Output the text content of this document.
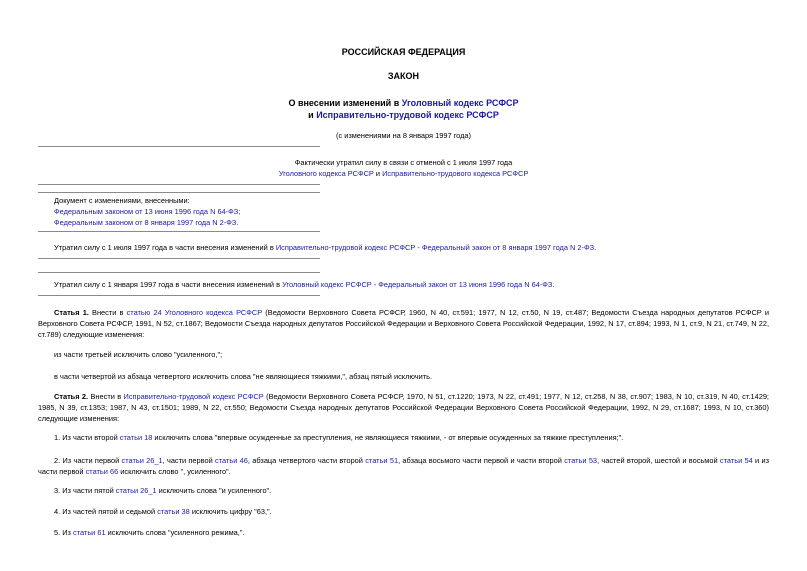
РОССИЙСКАЯ ФЕДЕРАЦИЯ
ЗАКОН
О внесении изменений в Уголовный кодекс РСФСР
и Исправительно-трудовой кодекс РСФСР
(с изменениями на 8 января 1997 года)
Фактически утратил силу в связи с отменой с 1 июля 1997 года
Уголовного кодекса РСФСР и Исправительно-трудового кодекса РСФСР
Документ с изменениями, внесенными:
Федеральным законом от 13 июня 1996 года N 64-ФЗ;
Федеральным законом от 8 января 1997 года N 2-ФЗ.
Утратил силу с 1 июля 1997 года в части внесения изменений в Исправительно-трудовой кодекс РСФСР - Федеральный закон от 8 января 1997 года N 2-ФЗ.
Утратил силу с 1 января 1997 года в части внесения изменений в Уголовный кодекс РСФСР - Федеральный закон от 13 июня 1996 года N 64-ФЗ.
Статья 1. Внести в статью 24 Уголовного кодекса РСФСР (Ведомости Верховного Совета РСФСР, 1960, N 40, ст.591; 1977, N 12, ст.50, N 19, ст.487; Ведомости Съезда народных депутатов РСФСР и Верховного Совета РСФСР, 1991, N 52, ст.1867; Ведомости Съезда народных депутатов Российской Федерации и Верховного Совета Российской Федерации, 1992, N 17, ст.894; 1993, N 1, ст.9, N 21, ст.749, N 22, ст.789) следующие изменения:
из части третьей исключить слово "усиленного,";
в части четвертой из абзаца четвертого исключить слова "не являющиеся тяжкими,", абзац пятый исключить.
Статья 2. Внести в Исправительно-трудовой кодекс РСФСР (Ведомости Верховного Совета РСФСР, 1970, N 51, ст.1220; 1973, N 22, ст.491; 1977, N 12, ст.258, N 38, ст.907; 1983, N 10, ст.319, N 40, ст.1429; 1985, N 39, ст.1353; 1987, N 43, ст.1501; 1989, N 22, ст.550; Ведомости Съезда народных депутатов Российской Федерации Верховного Совета Российской Федерации, 1992, N 29, ст.1687; 1993, N 10, ст.360) следующие изменения:
1. Из части второй статьи 18 исключить слова "впервые осужденные за преступления, не являющиеся тяжкими, - от впервые осужденных за тяжкие преступления;".
2. Из части первой статьи 26_1, части первой статьи 46, абзаца четвертого части второй статьи 51, абзаца восьмого части первой и части второй статьи 53, частей второй, шестой и восьмой статьи 54 и из части первой статьи 66 исключить слово ", усиленного".
3. Из части пятой статьи 26_1 исключить слова "и усиленного".
4. Из частей пятой и седьмой статьи 38 исключить цифру "63,".
5. Из статьи 61 исключить слова "усиленного режима,".
